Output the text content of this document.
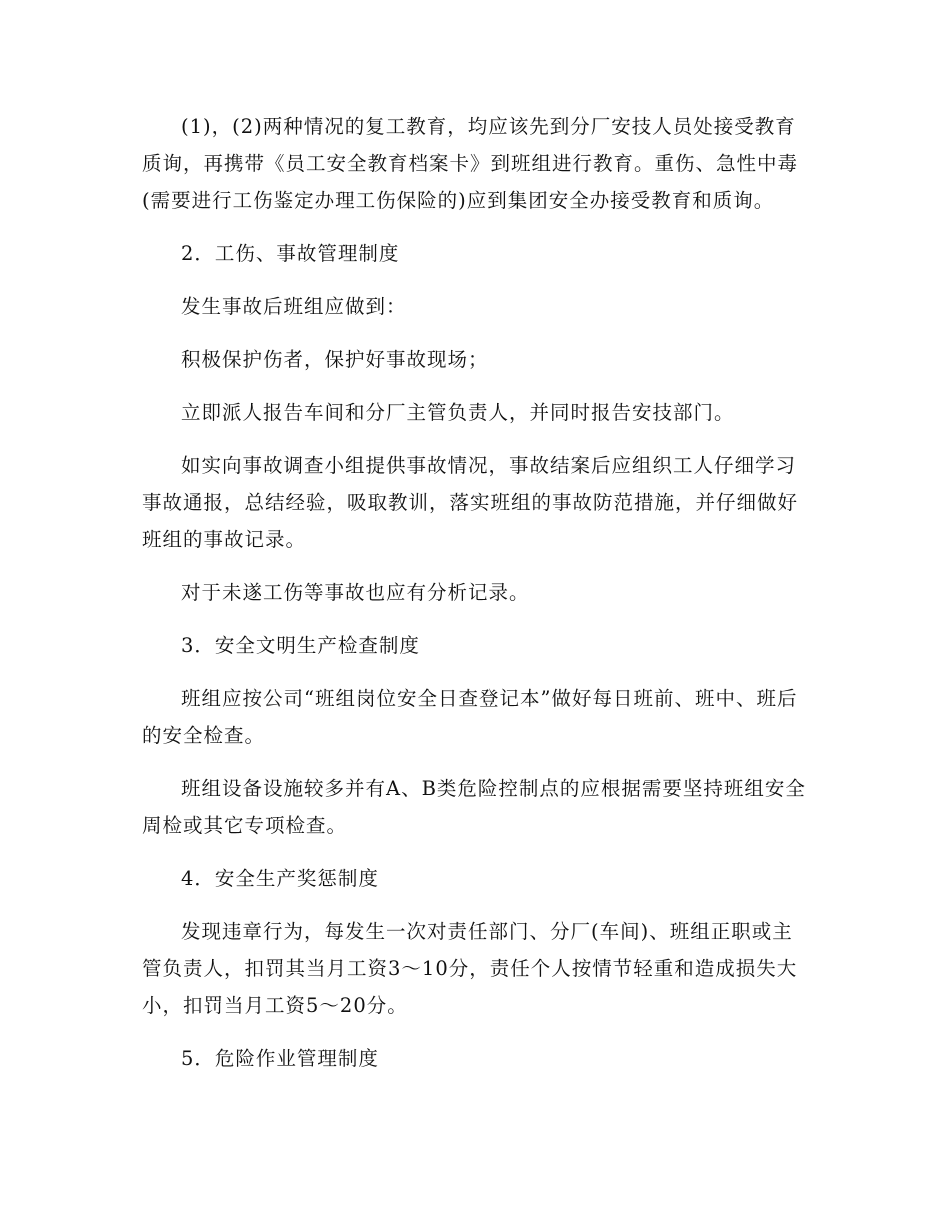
(1)，(2)两种情况的复工教育，均应该先到分厂安技人员处接受教育质询，再携带《员工安全教育档案卡》到班组进行教育。重伤、急性中毒(需要进行工伤鉴定办理工伤保险的)应到集团安全办接受教育和质询。

2．工伤、事故管理制度

发生事故后班组应做到：

积极保护伤者，保护好事故现场；

立即派人报告车间和分厂主管负责人，并同时报告安技部门。

如实向事故调查小组提供事故情况，事故结案后应组织工人仔细学习事故通报，总结经验，吸取教训，落实班组的事故防范措施，并仔细做好班组的事故记录。

对于未遂工伤等事故也应有分析记录。

3．安全文明生产检查制度

班组应按公司“班组岗位安全日查登记本”做好每日班前、班中、班后的安全检查。

班组设备设施较多并有A、B类危险控制点的应根据需要坚持班组安全周检或其它专项检查。

4．安全生产奖惩制度

发现违章行为，每发生一次对责任部门、分厂(车间)、班组正职或主管负责人，扣罚其当月工资3～10分，责任个人按情节轻重和造成损失大小，扣罚当月工资5～20分。

5．危险作业管理制度
